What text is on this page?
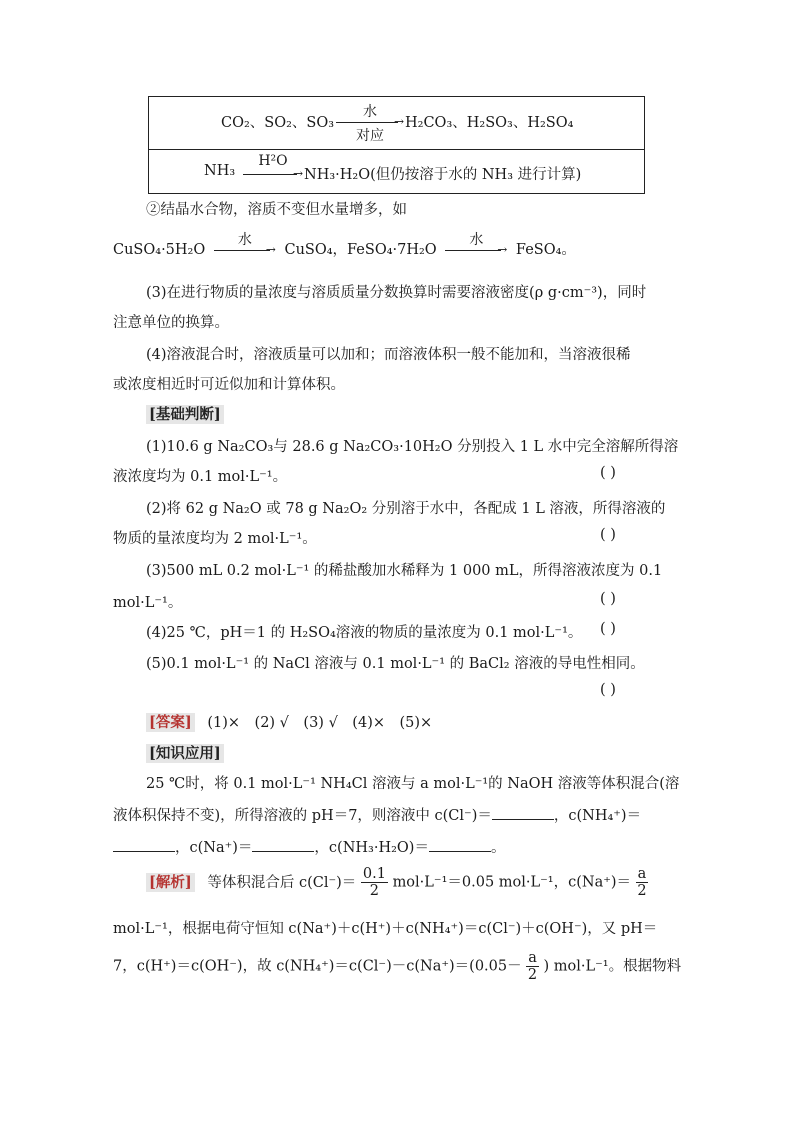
CO₂、SO₂、SO₃	→
水
对应
H₂CO₃、H₂SO₃、H₂SO₄
NH₃	→
H²O
NH₃·H₂O(但仍按溶于水的 NH₃ 进行计算)
②结晶水合物，溶质不变但水量增多，如
CuSO₄·5H₂O	→
水
CuSO₄，FeSO₄·7H₂O	→
水
FeSO₄。
(3)在进行物质的量浓度与溶质质量分数换算时需要溶液密度(ρ g·cm⁻³)，同时
注意单位的换算。
(4)溶液混合时，溶液质量可以加和；而溶液体积一般不能加和，当溶液很稀
或浓度相近时可近似加和计算体积。
[基础判断]
(1)10.6 g Na₂CO₃与 28.6 g Na₂CO₃·10H₂O 分别投入 1 L 水中完全溶解所得溶
液浓度均为 0.1 mol·L⁻¹。	( )
(2)将 62 g Na₂O 或 78 g Na₂O₂ 分别溶于水中，各配成 1 L 溶液，所得溶液的
物质的量浓度均为 2 mol·L⁻¹。	( )
(3)500 mL 0.2 mol·L⁻¹ 的稀盐酸加水稀释为 1 000 mL，所得溶液浓度为 0.1
mol·L⁻¹。	( )
(4)25 ℃，pH＝1 的 H₂SO₄溶液的物质的量浓度为 0.1 mol·L⁻¹。 ( )
(5)0.1 mol·L⁻¹ 的 NaCl 溶液与 0.1 mol·L⁻¹ 的 BaCl₂ 溶液的导电性相同。
( )
[答案] (1)×　(2) √　(3) √　(4)×　(5)×
[知识应用]
25 ℃时，将 0.1 mol·L⁻¹ NH₄Cl 溶液与 a mol·L⁻¹的 NaOH 溶液等体积混合(溶
液体积保持不变)，所得溶液的 pH＝7，则溶液中 c(Cl⁻)＝	，c(NH₄⁺)＝
，c(Na⁺)＝	，c(NH₃·H₂O)＝	。
[解析] 等体积混合后 $c(Cl^-)= \frac{0.1}{2} mol\cdot L^{-1}=0.05$ mol·L⁻¹，$c(Na^+)= \frac{a}{2}$
mol·L⁻¹，根据电荷守恒知 c(Na⁺)＋c(H⁺)＋c(NH₄⁺)＝c(Cl⁻)＋c(OH⁻)，又 pH＝
7，c(H⁺)＝c(OH⁻)，故 $c(NH_4^+)=c(Cl^-)-c(Na^+)=(0.05- \frac{a}{2}$ ) mol·L⁻¹。根据物料
